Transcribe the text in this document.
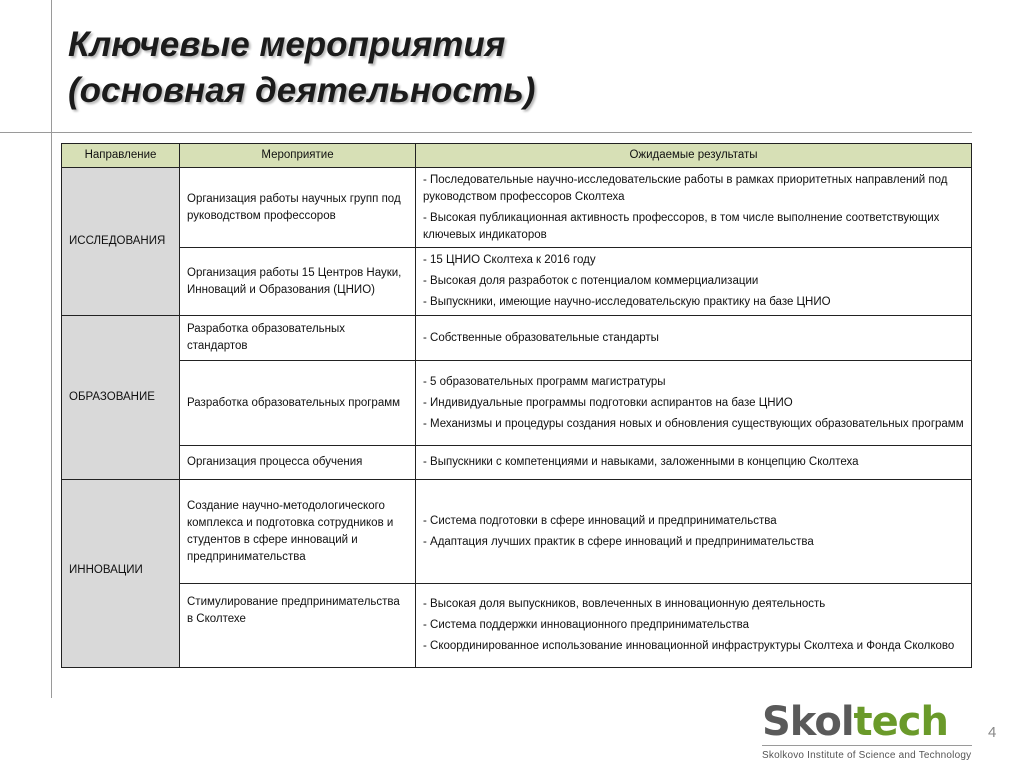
Ключевые мероприятия
(основная деятельность)
Направление	Мероприятие	Ожидаемые результаты
ИССЛЕДОВАНИЯ	Организация работы научных групп под руководством профессоров	- Последовательные научно-исследовательские работы в рамках приоритетных направлений под руководством профессоров Сколтеха

- Высокая публикационная активность профессоров, в том числе выполнение соответствующих ключевых индикаторов

	Организация работы 15 Центров Науки, Инноваций и Образования (ЦНИО)	- 15 ЦНИО Сколтеха к 2016 году

- Высокая доля разработок с потенциалом коммерциализации

- Выпускники, имеющие научно-исследовательскую практику на базе ЦНИО

ОБРАЗОВАНИЕ	Разработка образовательных стандартов	- Собственные образовательные стандарты

	Разработка образовательных программ	- 5 образовательных программ магистратуры

- Индивидуальные программы подготовки аспирантов на базе ЦНИО

- Механизмы и процедуры создания новых и обновления существующих образовательных программ

	Организация процесса обучения	- Выпускники с компетенциями и навыками, заложенными в концепцию Сколтеха

ИННОВАЦИИ	Создание научно-методологического комплекса и подготовка сотрудников и студентов в сфере инноваций и предпринимательства	- Система подготовки в сфере инноваций и предпринимательства

- Адаптация лучших практик в сфере инноваций и предпринимательства

	Стимулирование предпринимательства в Сколтехе	- Высокая доля выпускников, вовлеченных в инновационную деятельность

- Система поддержки инновационного предпринимательства

- Скоординированное использование инновационной инфраструктуры Сколтеха и Фонда Сколково

Skoltech
Skolkovo Institute of Science and Technology
4
